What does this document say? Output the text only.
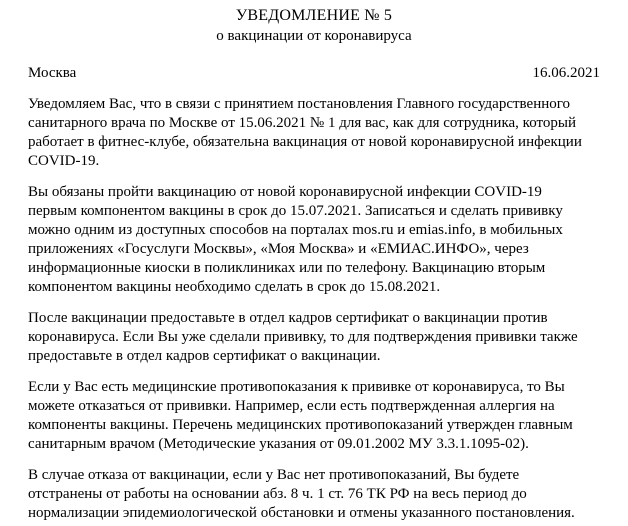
УВЕДОМЛЕНИЕ № 5
о вакцинации от коронавируса
Москва	16.06.2021
Уведомляем Вас, что в связи с принятием постановления Главного государственного
санитарного врача по Москве от 15.06.2021 № 1 для вас, как для сотрудника, который
работает в фитнес-клубе, обязательна вакцинация от новой коронавирусной инфекции
COVID-19.
Вы обязаны пройти вакцинацию от новой коронавирусной инфекции COVID-19
первым компонентом вакцины в срок до 15.07.2021. Записаться и сделать прививку
можно одним из доступных способов на порталах mos.ru и emias.info, в мобильных
приложениях «Госуслуги Москвы», «Моя Москва» и «ЕМИАС.ИНФО», через
информационные киоски в поликлиниках или по телефону. Вакцинацию вторым
компонентом вакцины необходимо сделать в срок до 15.08.2021.
После вакцинации предоставьте в отдел кадров сертификат о вакцинации против
коронавируса. Если Вы уже сделали прививку, то для подтверждения прививки также
предоставьте в отдел кадров сертификат о вакцинации.
Если у Вас есть медицинские противопоказания к прививке от коронавируса, то Вы
можете отказаться от прививки. Например, если есть подтвержденная аллергия на
компоненты вакцины. Перечень медицинских противопоказаний утвержден главным
санитарным врачом (Методические указания от 09.01.2002 МУ 3.3.1.1095-02).
В случае отказа от вакцинации, если у Вас нет противопоказаний, Вы будете
отстранены от работы на основании абз. 8 ч. 1 ст. 76 ТК РФ на весь период до
нормализации эпидемиологической обстановки и отмены указанного постановления.
